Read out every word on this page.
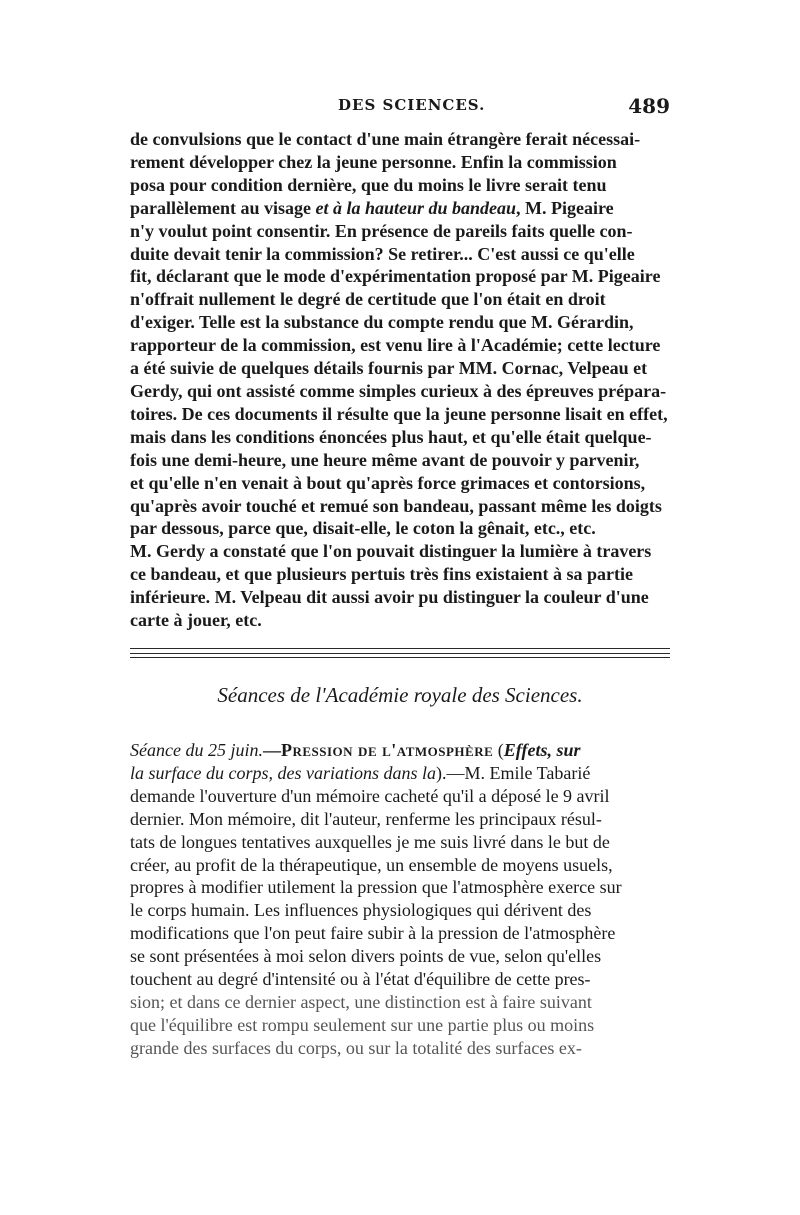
DES SCIENCES.	489
de convulsions que le contact d'une main étrangère ferait nécessai-
rement développer chez la jeune personne. Enfin la commission
posa pour condition dernière, que du moins le livre serait tenu
parallèlement au visage et à la hauteur du bandeau, M. Pigeaire
n'y voulut point consentir. En présence de pareils faits quelle con-
duite devait tenir la commission? Se retirer... C'est aussi ce qu'elle
fit, déclarant que le mode d'expérimentation proposé par M. Pigeaire
n'offrait nullement le degré de certitude que l'on était en droit
d'exiger. Telle est la substance du compte rendu que M. Gérardin,
rapporteur de la commission, est venu lire à l'Académie; cette lecture
a été suivie de quelques détails fournis par MM. Cornac, Velpeau et
Gerdy, qui ont assisté comme simples curieux à des épreuves prépara-
toires. De ces documents il résulte que la jeune personne lisait en effet,
mais dans les conditions énoncées plus haut, et qu'elle était quelque-
fois une demi-heure, une heure même avant de pouvoir y parvenir,
et qu'elle n'en venait à bout qu'après force grimaces et contorsions,
qu'après avoir touché et remué son bandeau, passant même les doigts
par dessous, parce que, disait-elle, le coton la gênait, etc., etc.
M. Gerdy a constaté que l'on pouvait distinguer la lumière à travers
ce bandeau, et que plusieurs pertuis très fins existaient à sa partie
inférieure. M. Velpeau dit aussi avoir pu distinguer la couleur d'une
carte à jouer, etc.
Séances de l'Académie royale des Sciences.
Séance du 25 juin.—Pression de l'atmosphère (Effets, sur
la surface du corps, des variations dans la).—M. Emile Tabarié
demande l'ouverture d'un mémoire cacheté qu'il a déposé le 9 avril
dernier. Mon mémoire, dit l'auteur, renferme les principaux résul-
tats de longues tentatives auxquelles je me suis livré dans le but de
créer, au profit de la thérapeutique, un ensemble de moyens usuels,
propres à modifier utilement la pression que l'atmosphère exerce sur
le corps humain. Les influences physiologiques qui dérivent des
modifications que l'on peut faire subir à la pression de l'atmosphère
se sont présentées à moi selon divers points de vue, selon qu'elles
touchent au degré d'intensité ou à l'état d'équilibre de cette pres-
sion; et dans ce dernier aspect, une distinction est à faire suivant
que l'équilibre est rompu seulement sur une partie plus ou moins
grande des surfaces du corps, ou sur la totalité des surfaces ex-
